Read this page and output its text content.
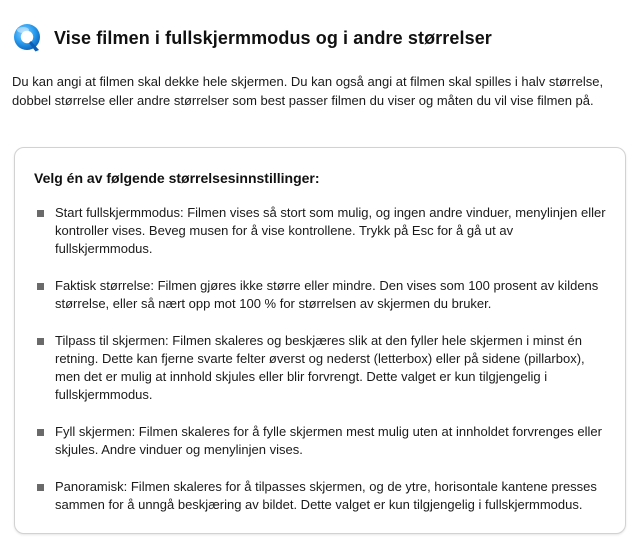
Vise filmen i fullskjermmodus og i andre størrelser

Du kan angi at filmen skal dekke hele skjermen. Du kan også angi at filmen skal spilles i halv størrelse, dobbel størrelse eller andre størrelser som best passer filmen du viser og måten du vil vise filmen på.

Velg én av følgende størrelsesinnstillinger:
Start fullskjermmodus: Filmen vises så stort som mulig, og ingen andre vinduer, menylinjen eller kontroller vises. Beveg musen for å vise kontrollene. Trykk på Esc for å gå ut av fullskjermmodus.
Faktisk størrelse: Filmen gjøres ikke større eller mindre. Den vises som 100 prosent av kildens størrelse, eller så nært opp mot 100 % for størrelsen av skjermen du bruker.
Tilpass til skjermen: Filmen skaleres og beskjæres slik at den fyller hele skjermen i minst én retning. Dette kan fjerne svarte felter øverst og nederst (letterbox) eller på sidene (pillarbox), men det er mulig at innhold skjules eller blir forvrengt. Dette valget er kun tilgjengelig i fullskjermmodus.
Fyll skjermen: Filmen skaleres for å fylle skjermen mest mulig uten at innholdet forvrenges eller skjules. Andre vinduer og menylinjen vises.
Panoramisk: Filmen skaleres for å tilpasses skjermen, og de ytre, horisontale kantene presses sammen for å unngå beskjæring av bildet. Dette valget er kun tilgjengelig i fullskjermmodus.
